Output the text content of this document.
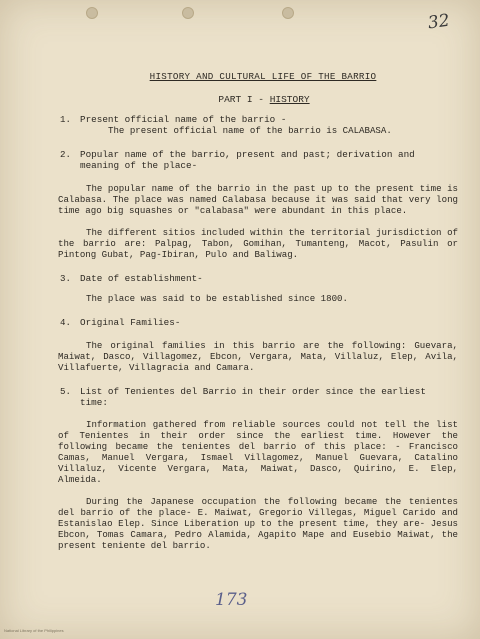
32
HISTORY AND CULTURAL LIFE OF THE BARRIO
PART I - HISTORY
1. Present official name of the barrio -
The present official name of the barrio is CALABASA.
2. Popular name of the barrio, present and past; derivation and meaning of the place-
The popular name of the barrio in the past up to the present time is Calabasa. The place was named Calabasa because it was said that very long time ago big squashes or "calabasa" were abundant in this place.
The different sitios included within the territorial jurisdiction of the barrio are: Palpag, Tabon, Gomihan, Tumanteng, Macot, Pasulin or Pintong Gubat, Pag-Ibiran, Pulo and Baliwag.
3. Date of establishment-
The place was said to be established since 1800.
4. Original Families-
The original families in this barrio are the following: Guevara, Maiwat, Dasco, Villagomez, Ebcon, Vergara, Mata, Villaluz, Elep, Avila, Villafuerte, Villagracia and Camara.
5. List of Tenientes del Barrio in their order since the earliest time:
Information gathered from reliable sources could not tell the list of Tenientes in their order since the earliest time. However the following became the tenientes del barrio of this place: - Francisco Camas, Manuel Vergara, Ismael Villagomez, Manuel Guevara, Catalino Villaluz, Vicente Vergara, Mata, Maiwat, Dasco, Quirino, E. Elep, Almeida.
During the Japanese occupation the following became the tenientes del barrio of the place- E. Maiwat, Gregorio Villegas, Miguel Carido and Estanislao Elep. Since Liberation up to the present time, they are- Jesus Ebcon, Tomas Camara, Pedro Alamida, Agapito Mape and Eusebio Maiwat, the present teniente del barrio.
173
National Library of the Philippines
